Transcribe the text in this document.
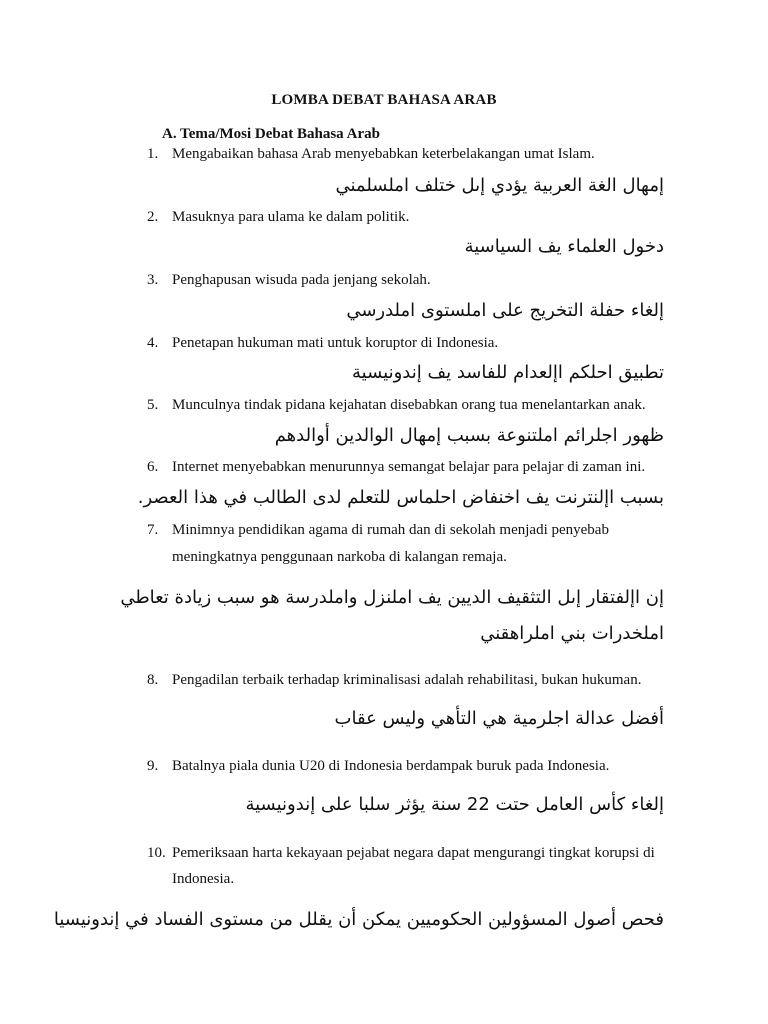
LOMBA DEBAT BAHASA ARAB
A. Tema/Mosi Debat Bahasa Arab
1. Mengabaikan bahasa Arab menyebabkan keterbelakangan umat Islam.
إمهال الغة العربية يؤدي إىل ختلف املسلمني
2. Masuknya para ulama ke dalam politik.
دخول العلماء يف السياسية
3. Penghapusan wisuda pada jenjang sekolah.
إلغاء حفلة التخريج على املستوى املدرسي
4. Penetapan hukuman mati untuk koruptor di Indonesia.
تطبيق احلكم اإلعدام للفاسد يف إندونيسية
5. Munculnya tindak pidana kejahatan disebabkan orang tua menelantarkan anak.
ظهور اجلرائم املتنوعة بسبب إمهال الوالدين أوالدهم
6. Internet menyebabkan menurunnya semangat belajar para pelajar di zaman ini.
بسبب اإلنترنت يف اخنفاض احلماس للتعلم لدى الطالب في هذا العصر.
7. Minimnya pendidikan agama di rumah dan di sekolah menjadi penyebab
meningkatnya penggunaan narkoba di kalangan remaja.
إن اإلفتقار إىل التثقيف الديين يف املنزل واملدرسة هو سبب زيادة تعاطي
املخدرات بني املراهقني
8. Pengadilan terbaik terhadap kriminalisasi adalah rehabilitasi, bukan hukuman.
أفضل عدالة اجلرمية هي التأهي وليس عقاب
9. Batalnya piala dunia U20 di Indonesia berdampak buruk pada Indonesia.
إلغاء كأس العامل حتت 22 سنة يؤثر سلبا على إندونيسية
10. Pemeriksaan harta kekayaan pejabat negara dapat mengurangi tingkat korupsi di
Indonesia.
فحص أصول المسؤولين الحكوميين يمكن أن يقلل من مستوى الفساد في إندونيسيا
